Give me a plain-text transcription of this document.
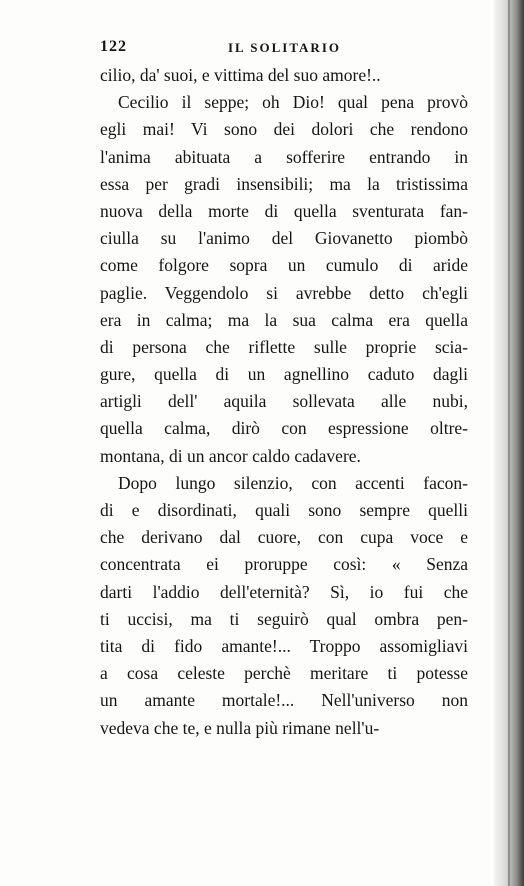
122	IL SOLITARIO
cilio, da' suoi, e vittima del suo amore!..
Cecilio il seppe; oh Dio! qual pena provò
egli mai! Vi sono dei dolori che rendono
l'anima abituata a sofferire entrando in
essa per gradi insensibili; ma la tristissima
nuova della morte di quella sventurata fan-
ciulla su l'animo del Giovanetto piombò
come folgore sopra un cumulo di aride
paglie. Veggendolo si avrebbe detto ch'egli
era in calma; ma la sua calma era quella
di persona che riflette sulle proprie scia-
gure, quella di un agnellino caduto dagli
artigli dell' aquila sollevata alle nubi,
quella calma, dirò con espressione oltre-
montana, di un ancor caldo cadavere.
Dopo lungo silenzio, con accenti facon-
di e disordinati, quali sono sempre quelli
che derivano dal cuore, con cupa voce e
concentrata ei proruppe così: « Senza
darti l'addio dell'eternità? Sì, io fui che
ti uccisi, ma ti seguirò qual ombra pen-
tita di fido amante!... Troppo assomigliavi
a cosa celeste perchè meritare ti potesse
un amante mortale!... Nell'universo non
vedeva che te, e nulla più rimane nell'u-
